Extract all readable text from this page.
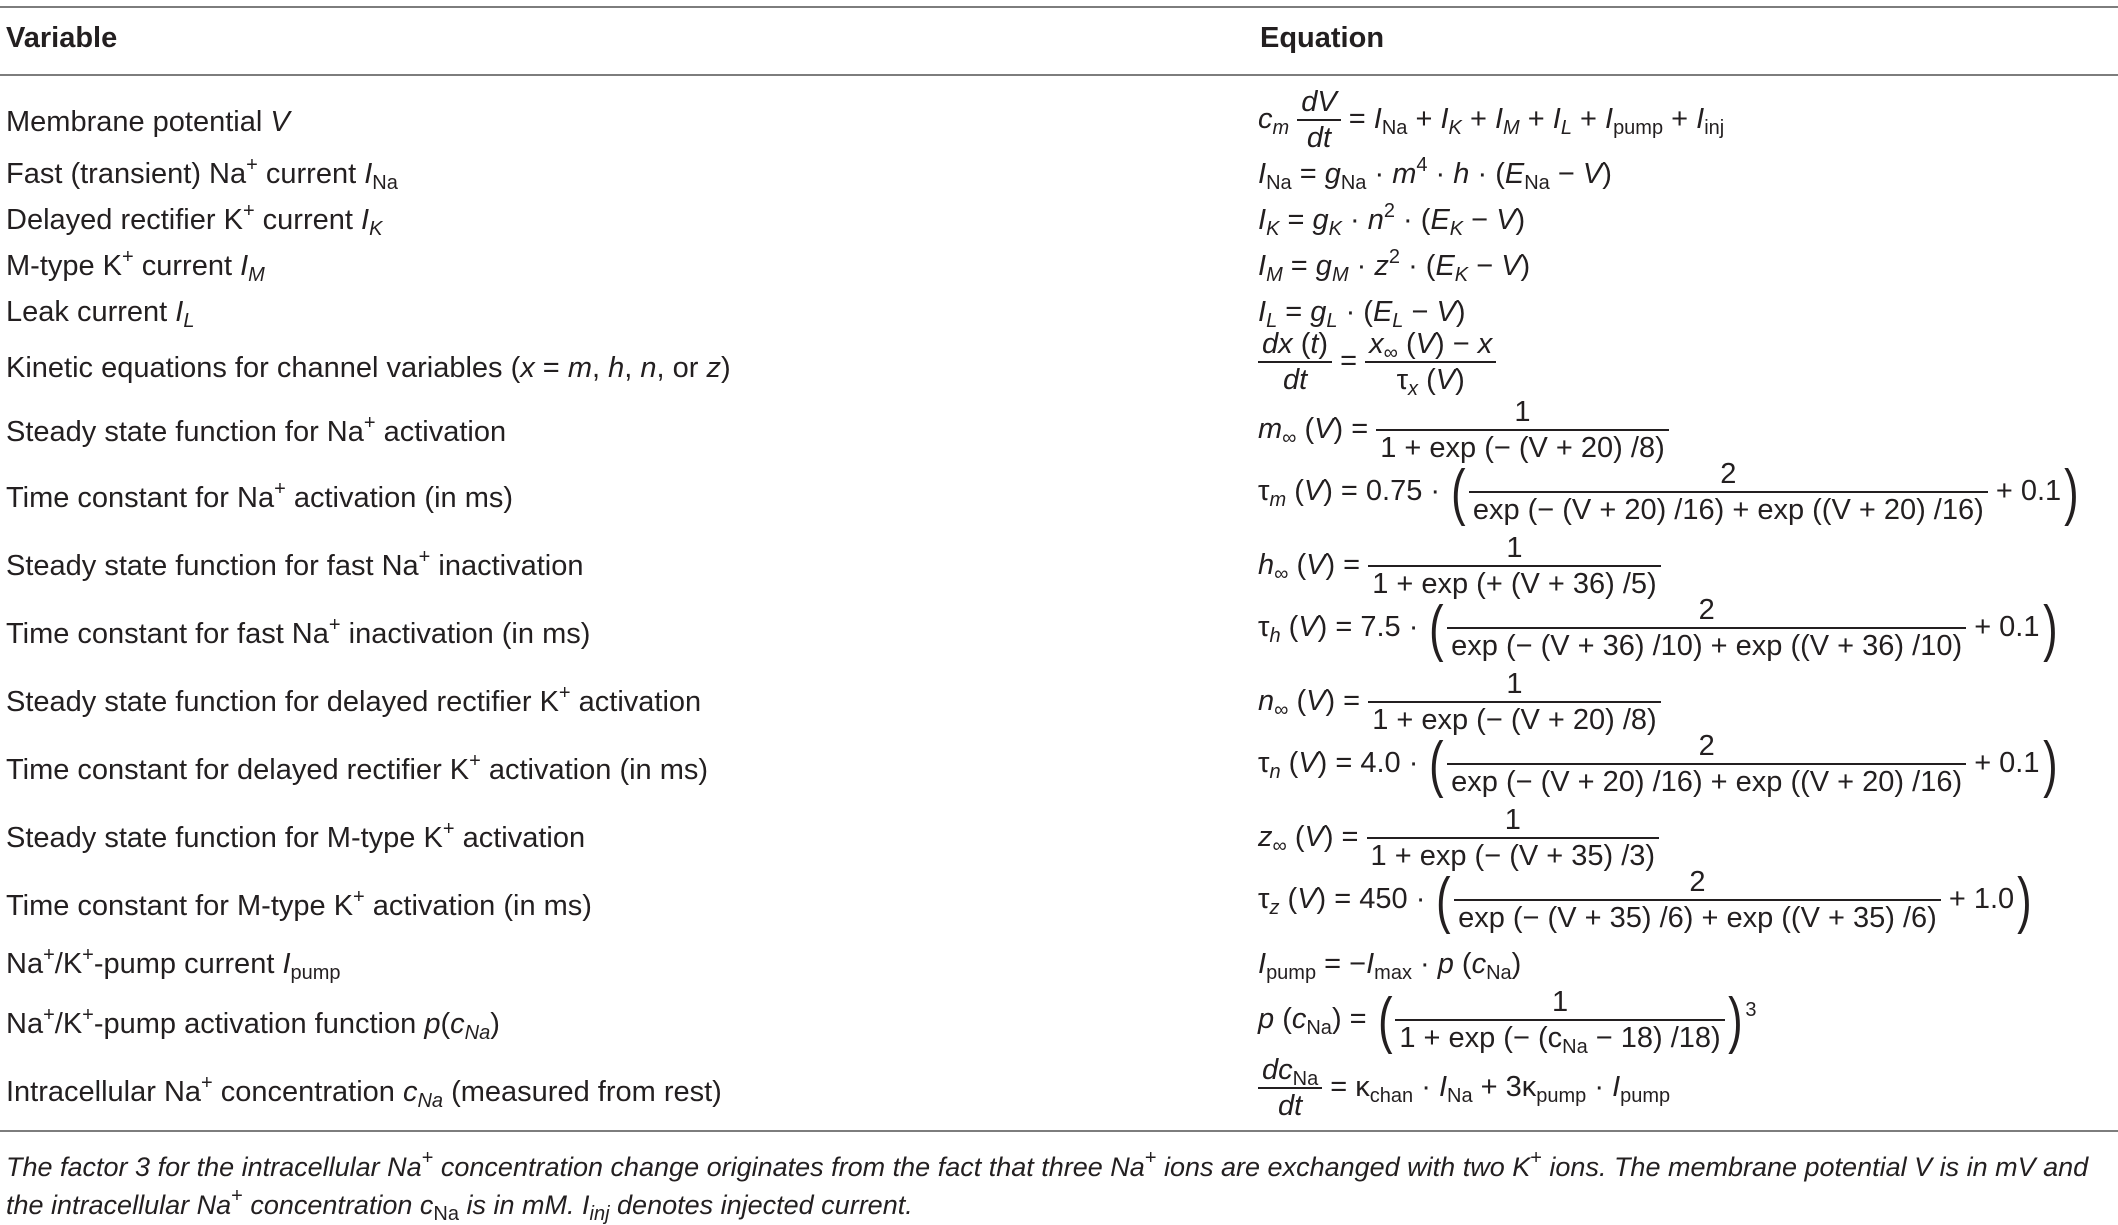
Variable	Equation
Membrane potential V	$c_m \frac{dV}{dt} = I_{Na} + I_K + I_M + I_L + I_{pump} + I_{inj}$
Fast (transient) Na+ current $I_{Na}$	$I_{Na} = g_{Na} \cdot m^4 \cdot h \cdot (E_{Na} - V)$
Delayed rectifier K+ current $I_K$	$I_K = g_K \cdot n^2 \cdot (E_K - V)$
M-type K+ current $I_M$	$I_M = g_M \cdot z^2 \cdot (E_K - V)$
Leak current $I_L$	$I_L = g_L \cdot (E_L - V)$
Kinetic equations for channel variables (x = m, h, n, or z)	$\frac{dx (t)}{dt} = \frac{x_\infty (V) - x}{\tau_x (V)}$
Steady state function for Na+ activation	$m_\infty$ $(V) = \frac{1}{1 + \exp (- (V + 20) /8)}$
Time constant for Na+ activation (in ms)	$\tau_m$ (V) = 0.75 · ( $\frac{2}{\exp (- (V + 20) /16) + \exp ((V + 20) /16)} + 0.1$)
Steady state function for fast Na+ inactivation	$h_\infty$ $(V) = \frac{1}{1 + \exp (+ (V + 36) /5)}$
Time constant for fast Na+ inactivation (in ms)	$\tau_h$ (V) = 7.5 · ( $\frac{2}{\exp (- (V + 36) /10) + \exp ((V + 36) /10)} + 0.1$)
Steady state function for delayed rectifier K+ activation	$n_\infty$ $(V) = \frac{1}{1 + \exp (- (V + 20) /8)}$
Time constant for delayed rectifier K+ activation (in ms)	$\tau_n$ (V) = 4.0 · ( $\frac{2}{\exp (- (V + 20) /16) + \exp ((V + 20) /16)} + 0.1$)
Steady state function for M-type K+ activation	$z_\infty$ $(V) = \frac{1}{1 + \exp (- (V + 35) /3)}$
Time constant for M-type K+ activation (in ms)	$\tau_z$ (V) = 450 · ( $\frac{2}{\exp (- (V + 35) /6) + \exp ((V + 35) /6)} + 1.0$)
Na+/K+-pump current $I_{pump}$	$I_{pump} = -I_{max} \cdot p$ $(c_{Na})$
Na+/K+-pump activation function $p(c_{Na})$	p $(c_{Na})$ = ( $\frac{1}{1 + \exp (- (c_{Na} - 18) /18)}$ ) $^3$
Intracellular Na+ concentration $c_{Na}$ (measured from rest)	$\frac{dc_{Na}}{dt} = \kappa_{chan} \cdot I_{Na} + 3\kappa_{pump} \cdot I_{pump}$
The factor 3 for the intracellular Na+ concentration change originates from the fact that three Na+ ions are exchanged with two K+ ions. The membrane potential V is in mV and the intracellular Na+ concentration $c_{Na}$ is in mM. $I_{inj}$ denotes injected current.
